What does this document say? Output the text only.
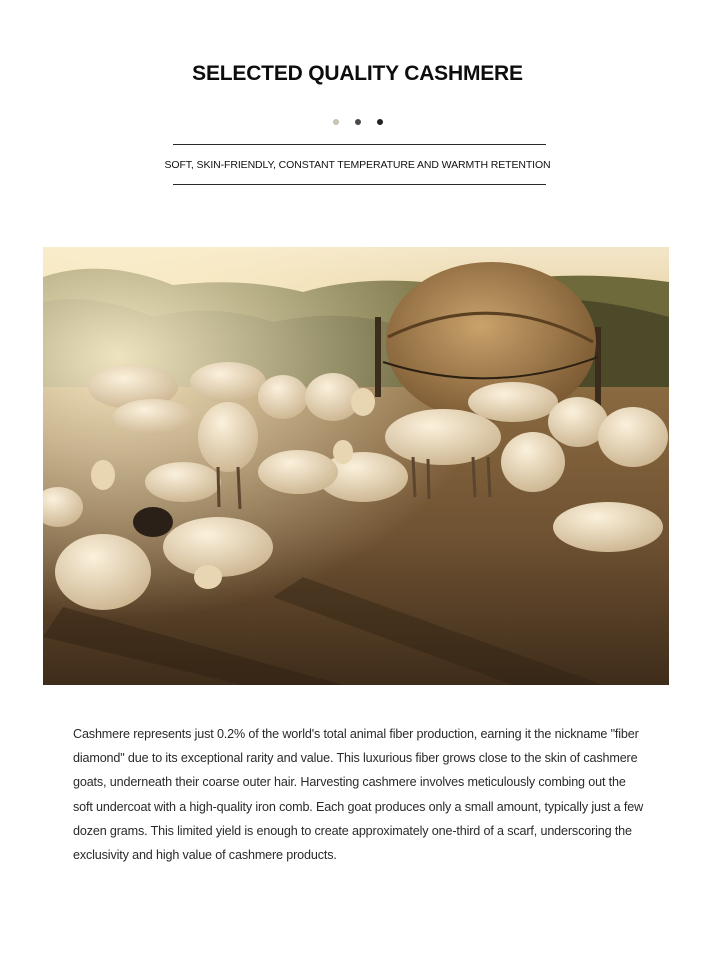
SELECTED QUALITY CASHMERE
SOFT, SKIN-FRIENDLY, CONSTANT TEMPERATURE AND WARMTH RETENTION
Cashmere represents just 0.2% of the world's total animal fiber production, earning it the nickname "fiber diamond" due to its exceptional rarity and value. This luxurious fiber grows close to the skin of cashmere goats, underneath their coarse outer hair. Harvesting cashmere involves meticulously combing out the soft undercoat with a high-quality iron comb. Each goat produces only a small amount, typically just a few dozen grams. This limited yield is enough to create approximately one-third of a scarf, underscoring the exclusivity and high value of cashmere products.
